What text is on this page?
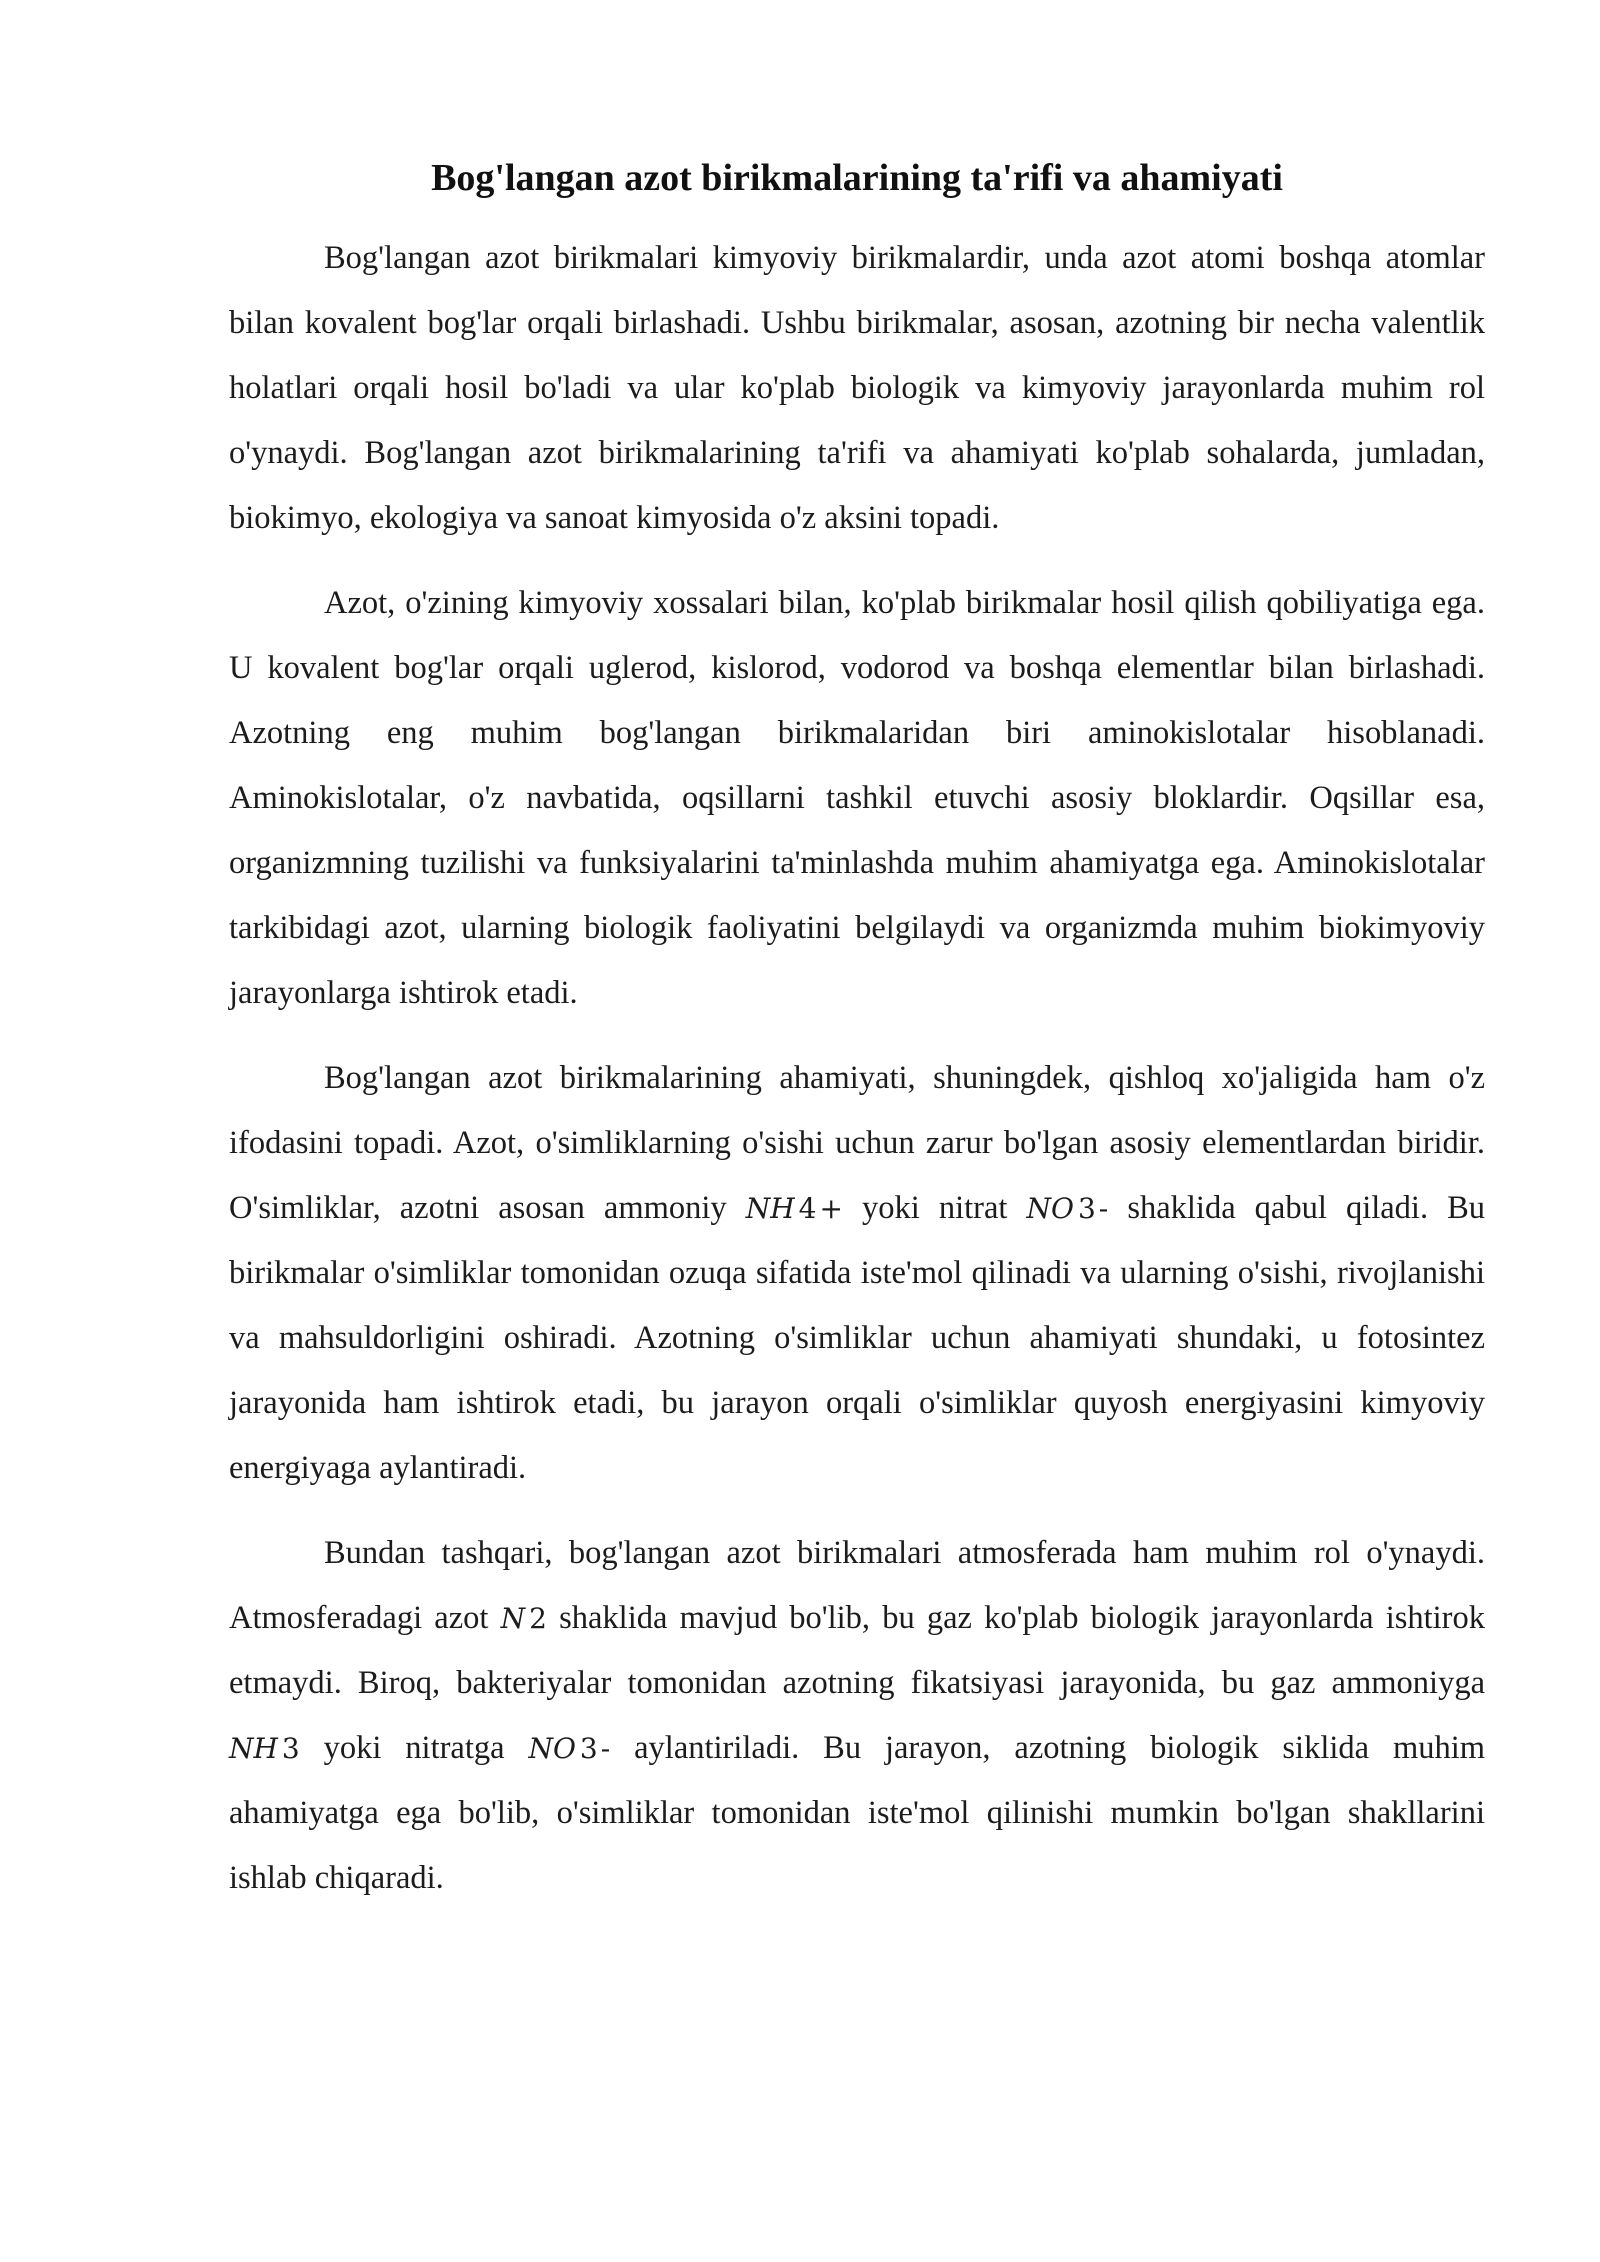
Bog'langan azot birikmalarining ta'rifi va ahamiyati

Bog'langan azot birikmalari kimyoviy birikmalardir, unda azot atomi boshqa atomlar bilan kovalent bog'lar orqali birlashadi. Ushbu birikmalar, asosan, azotning bir necha valentlik holatlari orqali hosil bo'ladi va ular ko'plab biologik va kimyoviy jarayonlarda muhim rol o'ynaydi. Bog'langan azot birikmalarining ta'rifi va ahamiyati ko'plab sohalarda, jumladan, biokimyo, ekologiya va sanoat kimyosida o'z aksini topadi.

Azot, o'zining kimyoviy xossalari bilan, ko'plab birikmalar hosil qilish qobiliyatiga ega. U kovalent bog'lar orqali uglerod, kislorod, vodorod va boshqa elementlar bilan birlashadi. Azotning eng muhim bog'langan birikmalaridan biri aminokislotalar hisoblanadi. Aminokislotalar, o'z navbatida, oqsillarni tashkil etuvchi asosiy bloklardir. Oqsillar esa, organizmning tuzilishi va funksiyalarini ta'minlashda muhim ahamiyatga ega. Aminokislotalar tarkibidagi azot, ularning biologik faoliyatini belgilaydi va organizmda muhim biokimyoviy jarayonlarga ishtirok etadi.

Bog'langan azot birikmalarining ahamiyati, shuningdek, qishloq xo'jaligida ham o'z ifodasini topadi. Azot, o'simliklarning o'sishi uchun zarur bo'lgan asosiy elementlardan biridir. O'simliklar, azotni asosan ammoniy NH 4 + yoki nitrat NO 3 - shaklida qabul qiladi. Bu birikmalar o'simliklar tomonidan ozuqa sifatida iste'mol qilinadi va ularning o'sishi, rivojlanishi va mahsuldorligini oshiradi. Azotning o'simliklar uchun ahamiyati shundaki, u fotosintez jarayonida ham ishtirok etadi, bu jarayon orqali o'simliklar quyosh energiyasini kimyoviy energiyaga aylantiradi.

Bundan tashqari, bog'langan azot birikmalari atmosferada ham muhim rol o'ynaydi. Atmosferadagi azot N 2 shaklida mavjud bo'lib, bu gaz ko'plab biologik jarayonlarda ishtirok etmaydi. Biroq, bakteriyalar tomonidan azotning fikatsiyasi jarayonida, bu gaz ammoniyga NH 3 yoki nitratga NO 3 - aylantiriladi. Bu jarayon, azotning biologik siklida muhim ahamiyatga ega bo'lib, o'simliklar tomonidan iste'mol qilinishi mumkin bo'lgan shakllarini ishlab chiqaradi.
